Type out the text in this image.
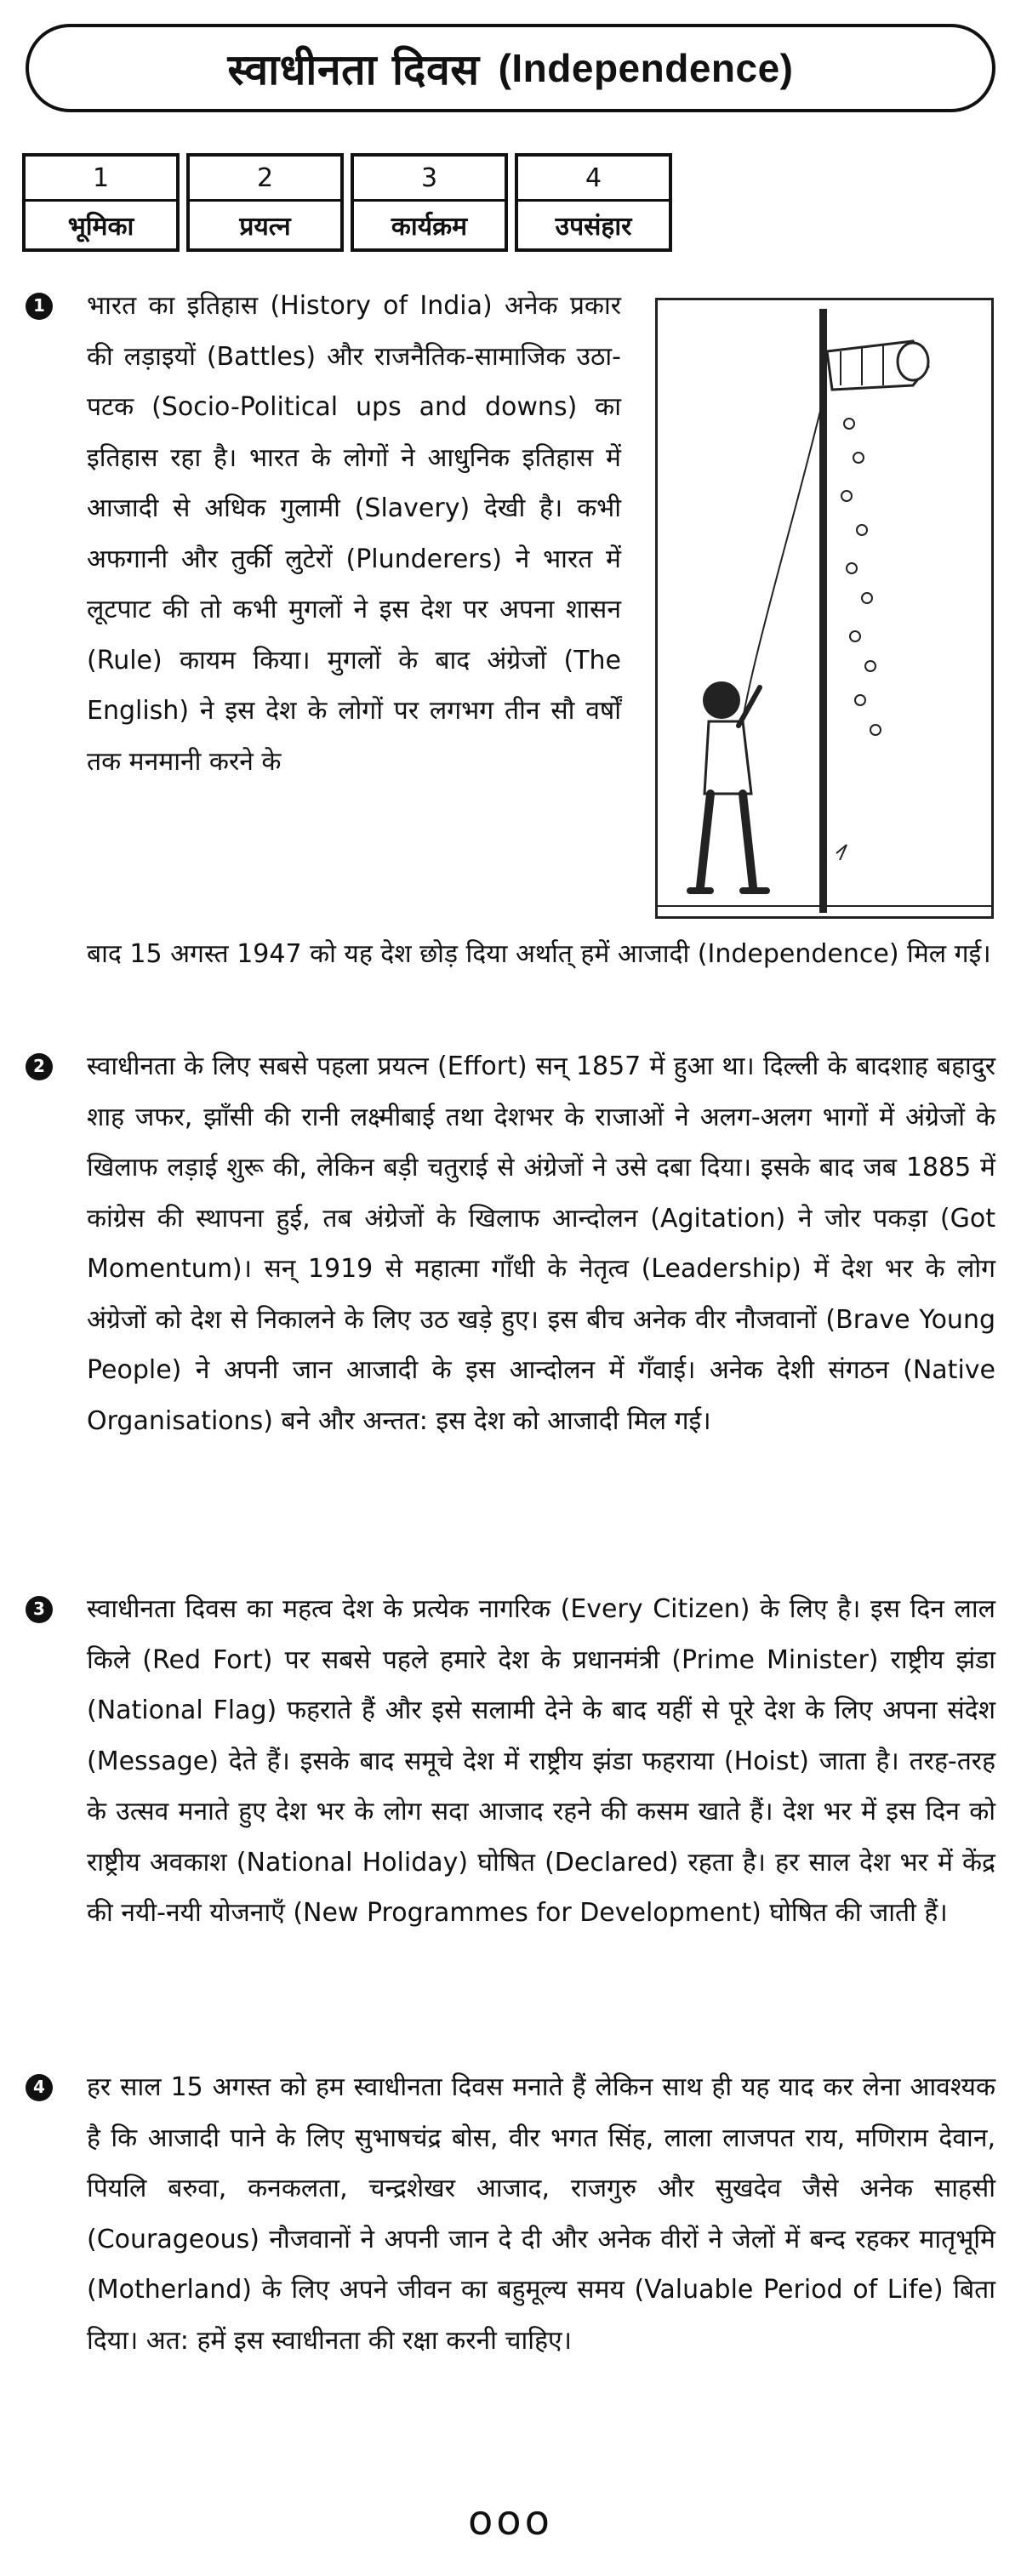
स्वाधीनता दिवस (Independence)
1
भूमिका
2
प्रयत्न
3
कार्यक्रम
4
उपसंहार
1	भारत का इतिहास (History of India) अनेक प्रकार की लड़ाइयों (Battles) और राजनैतिक-सामाजिक उठा-पटक (Socio-Political ups and downs) का इतिहास रहा है। भारत के लोगों ने आधुनिक इतिहास में आजादी से अधिक गुलामी (Slavery) देखी है। कभी अफगानी और तुर्की लुटेरों (Plunderers) ने भारत में लूटपाट की तो कभी मुगलों ने इस देश पर अपना शासन (Rule) कायम किया। मुगलों के बाद अंग्रेजों (The English) ने इस देश के लोगों पर लगभग तीन सौ वर्षों तक मनमानी करने के
बाद 15 अगस्त 1947 को यह देश छोड़ दिया अर्थात् हमें आजादी (Independence) मिल गई।
2	स्वाधीनता के लिए सबसे पहला प्रयत्न (Effort) सन् 1857 में हुआ था। दिल्ली के बादशाह बहादुर शाह जफर, झाँसी की रानी लक्ष्मीबाई तथा देशभर के राजाओं ने अलग-अलग भागों में अंग्रेजों के खिलाफ लड़ाई शुरू की, लेकिन बड़ी चतुराई से अंग्रेजों ने उसे दबा दिया। इसके बाद जब 1885 में कांग्रेस की स्थापना हुई, तब अंग्रेजों के खिलाफ आन्दोलन (Agitation) ने जोर पकड़ा (Got Momentum)। सन् 1919 से महात्मा गाँधी के नेतृत्व (Leadership) में देश भर के लोग अंग्रेजों को देश से निकालने के लिए उठ खड़े हुए। इस बीच अनेक वीर नौजवानों (Brave Young People) ने अपनी जान आजादी के इस आन्दोलन में गँवाई। अनेक देशी संगठन (Native Organisations) बने और अन्तत: इस देश को आजादी मिल गई।
3	स्वाधीनता दिवस का महत्व देश के प्रत्येक नागरिक (Every Citizen) के लिए है। इस दिन लाल किले (Red Fort) पर सबसे पहले हमारे देश के प्रधानमंत्री (Prime Minister) राष्ट्रीय झंडा (National Flag) फहराते हैं और इसे सलामी देने के बाद यहीं से पूरे देश के लिए अपना संदेश (Message) देते हैं। इसके बाद समूचे देश में राष्ट्रीय झंडा फहराया (Hoist) जाता है। तरह-तरह के उत्सव मनाते हुए देश भर के लोग सदा आजाद रहने की कसम खाते हैं। देश भर में इस दिन को राष्ट्रीय अवकाश (National Holiday) घोषित (Declared) रहता है। हर साल देश भर में केंद्र की नयी-नयी योजनाएँ (New Programmes for Development) घोषित की जाती हैं।
4	हर साल 15 अगस्त को हम स्वाधीनता दिवस मनाते हैं लेकिन साथ ही यह याद कर लेना आवश्यक है कि आजादी पाने के लिए सुभाषचंद्र बोस, वीर भगत सिंह, लाला लाजपत राय, मणिराम देवान, पियलि बरुवा, कनकलता, चन्द्रशेखर आजाद, राजगुरु और सुखदेव जैसे अनेक साहसी (Courageous) नौजवानों ने अपनी जान दे दी और अनेक वीरों ने जेलों में बन्द रहकर मातृभूमि (Motherland) के लिए अपने जीवन का बहुमूल्य समय (Valuable Period of Life) बिता दिया। अत: हमें इस स्वाधीनता की रक्षा करनी चाहिए।
ooo
